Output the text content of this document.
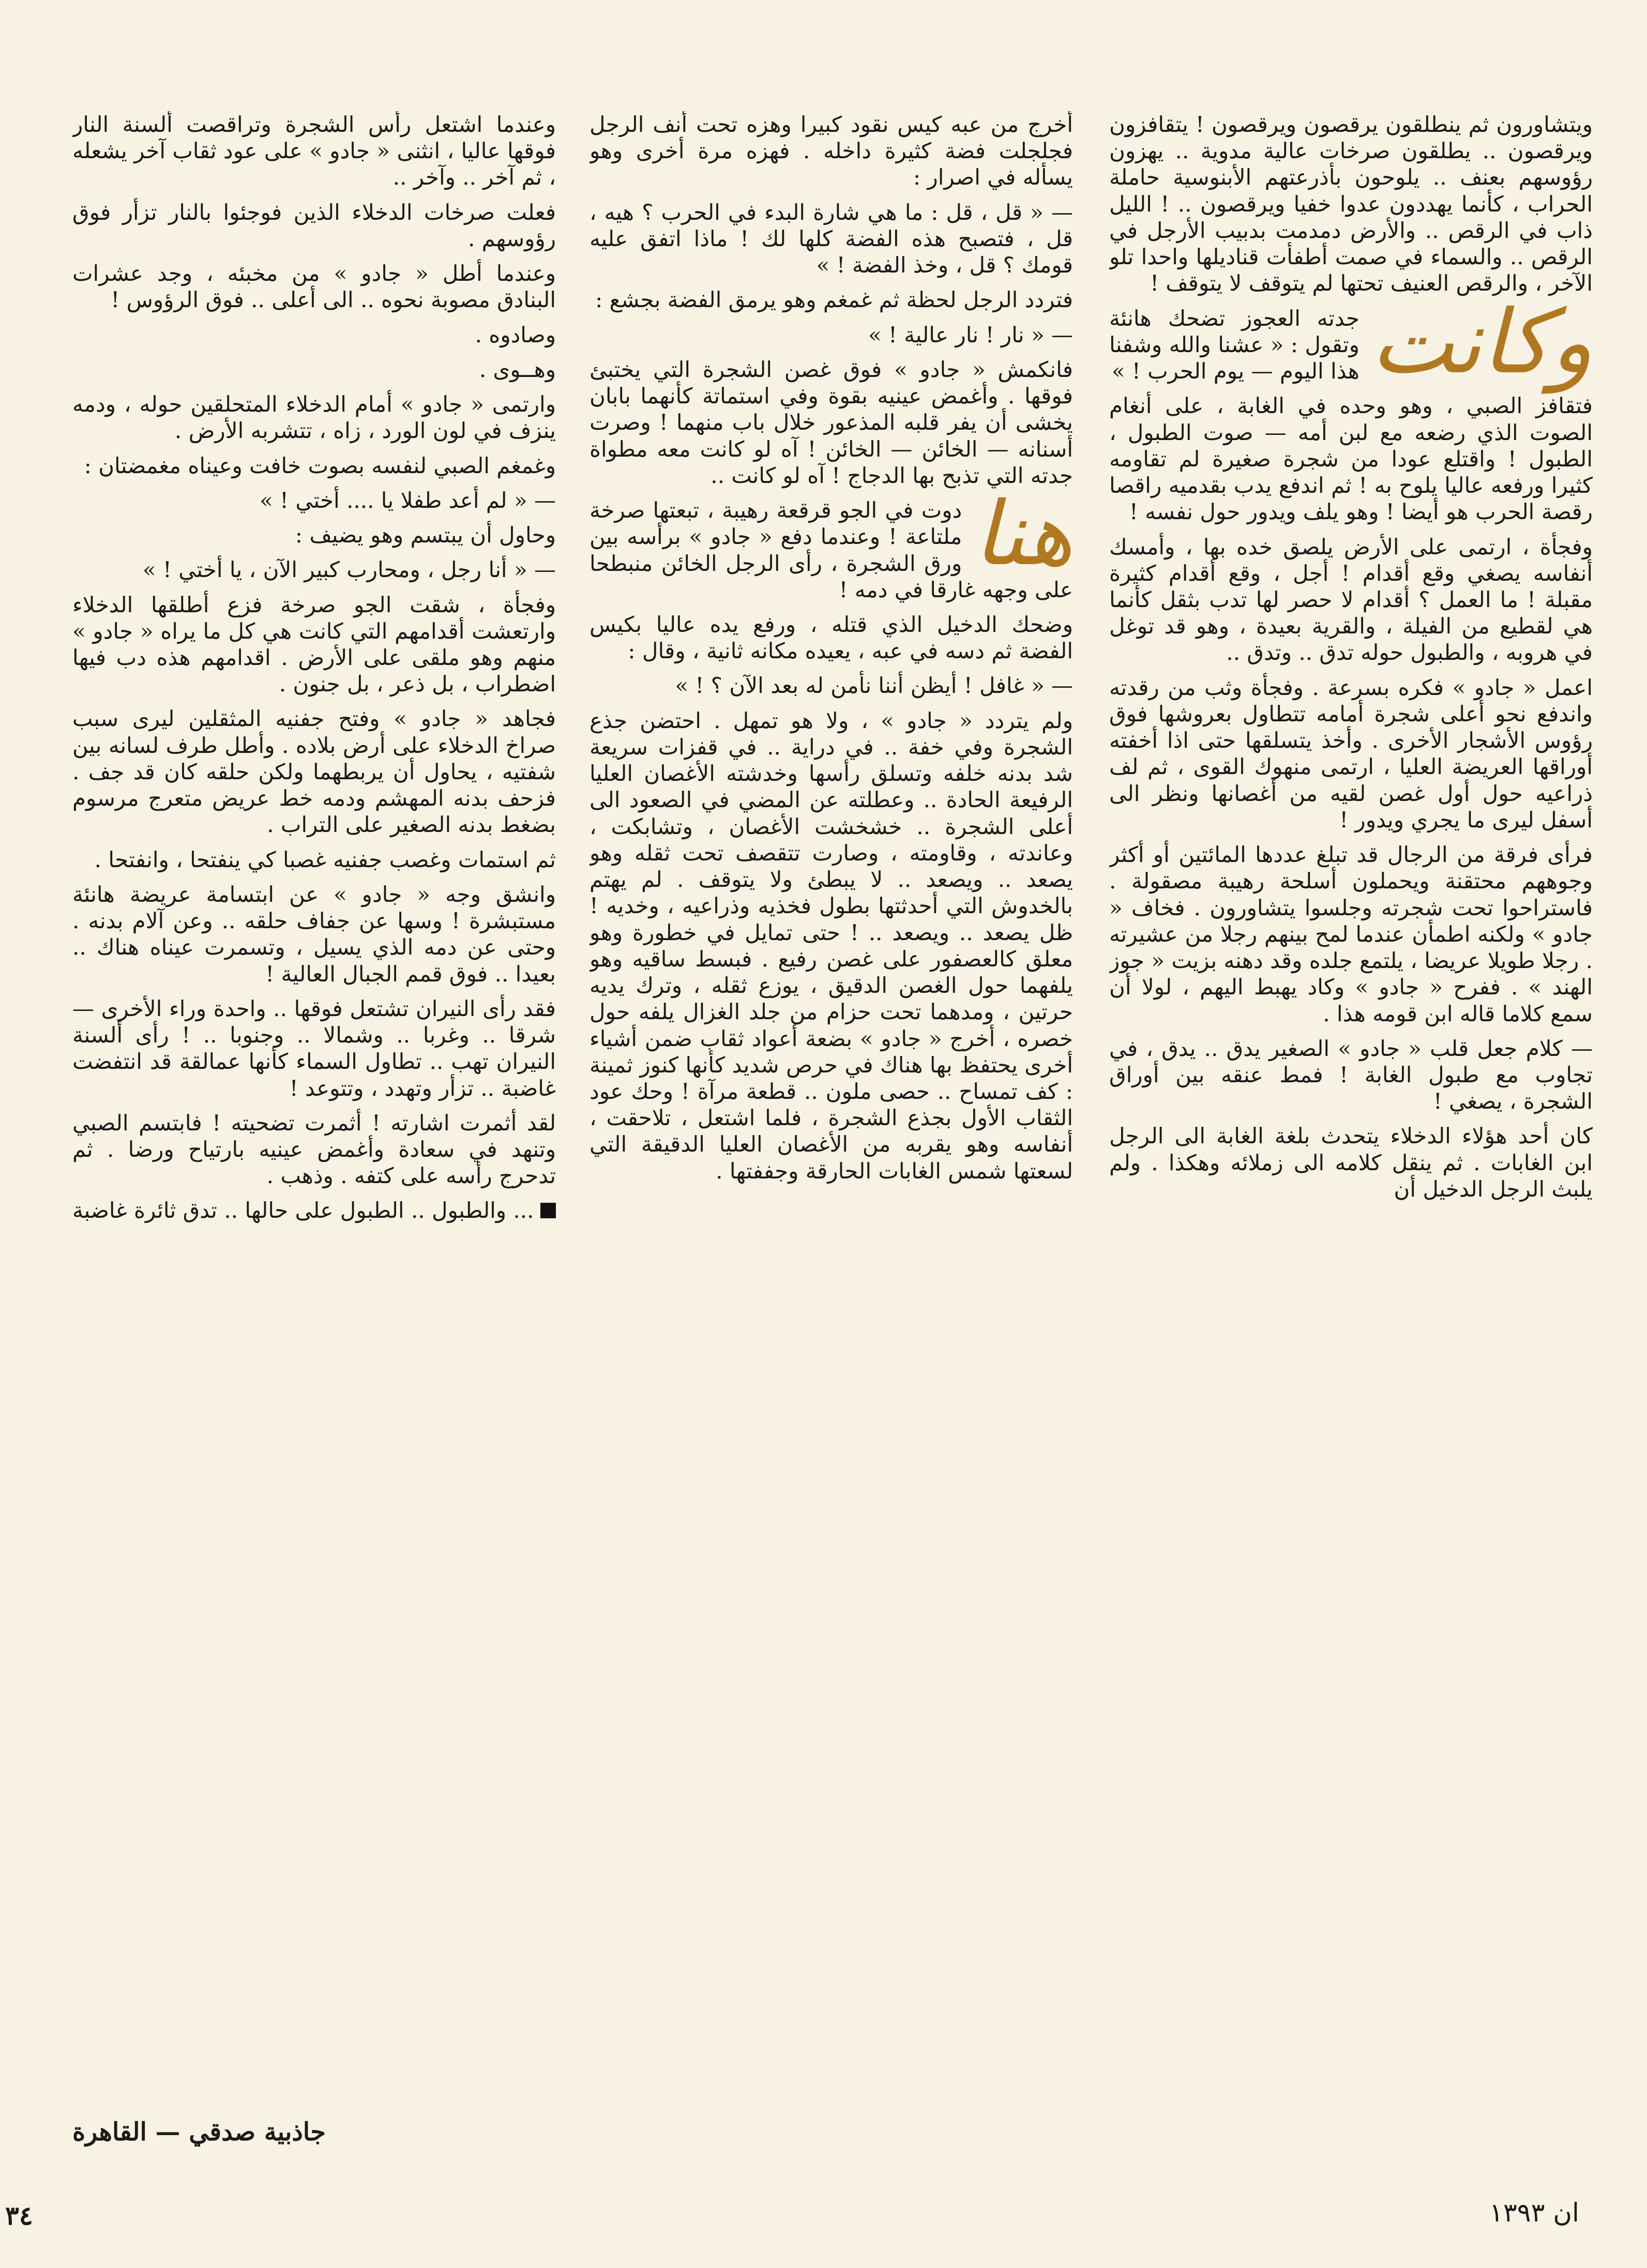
ويتشاورون ثم ينطلقون يرقصون ويرقصون ! يتقافزون ويرقصون .. يطلقون صرخات عالية مدوية .. يهزون رؤوسهم بعنف .. يلوحون بأذرعتهم الأبنوسية حاملة الحراب ، كأنما يهددون عدوا خفيا ويرقصون .. ! الليل ذاب في الرقص .. والأرض دمدمت بدبيب الأرجل في الرقص .. والسماء في صمت أطفأت قناديلها واحدا تلو الآخر ، والرقص العنيف تحتها لم يتوقف لا يتوقف !

وكانت
جدته العجوز تضحك هانئة وتقول : « عشنا والله وشفنا هذا اليوم — يوم الحرب ! »

فتقافز الصبي ، وهو وحده في الغابة ، على أنغام الصوت الذي رضعه مع لبن أمه — صوت الطبول ، الطبول ! واقتلع عودا من شجرة صغيرة لم تقاومه كثيرا ورفعه عاليا يلوح به ! ثم اندفع يدب بقدميه راقصا رقصة الحرب هو أيضا ! وهو يلف ويدور حول نفسه !

وفجأة ، ارتمى على الأرض يلصق خده بها ، وأمسك أنفاسه يصغي وقع أقدام ! أجل ، وقع أقدام كثيرة مقبلة ! ما العمل ؟ أقدام لا حصر لها تدب بثقل كأنما هي لقطيع من الفيلة ، والقرية بعيدة ، وهو قد توغل في هروبه ، والطبول حوله تدق .. وتدق ..

اعمل « جادو » فكره بسرعة . وفجأة وثب من رقدته واندفع نحو أعلى شجرة أمامه تتطاول بعروشها فوق رؤوس الأشجار الأخرى . وأخذ يتسلقها حتى اذا أخفته أوراقها العريضة العليا ، ارتمى منهوك القوى ، ثم لف ذراعيه حول أول غصن لقيه من أغصانها ونظر الى أسفل ليرى ما يجري ويدور !

فرأى فرقة من الرجال قد تبلغ عددها المائتين أو أكثر وجوههم محتقنة ويحملون أسلحة رهيبة مصقولة . فاستراحوا تحت شجرته وجلسوا يتشاورون . فخاف « جادو » ولكنه اطمأن عندما لمح بينهم رجلا من عشيرته . رجلا طويلا عريضا ، يلتمع جلده وقد دهنه بزيت « جوز الهند » . ففرح « جادو » وكاد يهبط اليهم ، لولا أن سمع كلاما قاله ابن قومه هذا .

— كلام جعل قلب « جادو » الصغير يدق .. يدق ، في تجاوب مع طبول الغابة ! فمط عنقه بين أوراق الشجرة ، يصغي !

كان أحد هؤلاء الدخلاء يتحدث بلغة الغابة الى الرجل ابن الغابات . ثم ينقل كلامه الى زملائه وهكذا . ولم يلبث الرجل الدخيل أن

أخرج من عبه كيس نقود كبيرا وهزه تحت أنف الرجل فجلجلت فضة كثيرة داخله . فهزه مرة أخرى وهو يسأله في اصرار :

— « قل ، قل : ما هي شارة البدء في الحرب ؟ هيه ، قل ، فتصبح هذه الفضة كلها لك ! ماذا اتفق عليه قومك ؟ قل ، وخذ الفضة ! »

فتردد الرجل لحظة ثم غمغم وهو يرمق الفضة بجشع :

— « نار ! نار عالية ! »

فانكمش « جادو » فوق غصن الشجرة التي يختبئ فوقها . وأغمض عينيه بقوة وفي استماتة كأنهما بابان يخشى أن يفر قلبه المذعور خلال باب منهما ! وصرت أسنانه — الخائن — الخائن ! آه لو كانت معه مطواة جدته التي تذبح بها الدجاج ! آه لو كانت ..

هنا
دوت في الجو قرقعة رهيبة ، تبعتها صرخة ملتاعة ! وعندما دفع « جادو » برأسه بين ورق الشجرة ، رأى الرجل الخائن منبطحا على وجهه غارقا في دمه !

وضحك الدخيل الذي قتله ، ورفع يده عاليا بكيس الفضة ثم دسه في عبه ، يعيده مكانه ثانية ، وقال :

— « غافل ! أيظن أننا نأمن له بعد الآن ؟ ! »

ولم يتردد « جادو » ، ولا هو تمهل . احتضن جذع الشجرة وفي خفة .. في دراية .. في قفزات سريعة شد بدنه خلفه وتسلق رأسها وخدشته الأغصان العليا الرفيعة الحادة .. وعطلته عن المضي في الصعود الى أعلى الشجرة .. خشخشت الأغصان ، وتشابكت ، وعاندته ، وقاومته ، وصارت تتقصف تحت ثقله وهو يصعد .. ويصعد .. لا يبطئ ولا يتوقف . لم يهتم بالخدوش التي أحدثتها بطول فخذيه وذراعيه ، وخديه ! ظل يصعد .. ويصعد .. ! حتى تمايل في خطورة وهو معلق كالعصفور على غصن رفيع . فبسط ساقيه وهو يلفهما حول الغصن الدقيق ، يوزع ثقله ، وترك يديه حرتين ، ومدهما تحت حزام من جلد الغزال يلفه حول خصره ، أخرج « جادو » بضعة أعواد ثقاب ضمن أشياء أخرى يحتفظ بها هناك في حرص شديد كأنها كنوز ثمينة : كف تمساح .. حصى ملون .. قطعة مرآة ! وحك عود الثقاب الأول بجذع الشجرة ، فلما اشتعل ، تلاحقت ، أنفاسه وهو يقربه من الأغصان العليا الدقيقة التي لسعتها شمس الغابات الحارقة وجففتها .

وعندما اشتعل رأس الشجرة وتراقصت ألسنة النار فوقها عاليا ، انثنى « جادو » على عود ثقاب آخر يشعله ، ثم آخر .. وآخر ..

فعلت صرخات الدخلاء الذين فوجئوا بالنار تزأر فوق رؤوسهم .

وعندما أطل « جادو » من مخبئه ، وجد عشرات البنادق مصوبة نحوه .. الى أعلى .. فوق الرؤوس !

وصادوه .

وهــوى .

وارتمى « جادو » أمام الدخلاء المتحلقين حوله ، ودمه ينزف في لون الورد ، زاه ، تتشربه الأرض .

وغمغم الصبي لنفسه بصوت خافت وعيناه مغمضتان :

— « لم أعد طفلا يا .... أختي ! »

وحاول أن يبتسم وهو يضيف :

— « أنا رجل ، ومحارب كبير الآن ، يا أختي ! »

وفجأة ، شقت الجو صرخة فزع أطلقها الدخلاء وارتعشت أقدامهم التي كانت هي كل ما يراه « جادو » منهم وهو ملقى على الأرض . اقدامهم هذه دب فيها اضطراب ، بل ذعر ، بل جنون .

فجاهد « جادو » وفتح جفنيه المثقلين ليرى سبب صراخ الدخلاء على أرض بلاده . وأطل طرف لسانه بين شفتيه ، يحاول أن يربطهما ولكن حلقه كان قد جف . فزحف بدنه المهشم ودمه خط عريض متعرج مرسوم بضغط بدنه الصغير على التراب .

ثم استمات وغصب جفنيه غصبا كي ينفتحا ، وانفتحا .

وانشق وجه « جادو » عن ابتسامة عريضة هانئة مستبشرة ! وسها عن جفاف حلقه .. وعن آلام بدنه . وحتى عن دمه الذي يسيل ، وتسمرت عيناه هناك .. بعيدا .. فوق قمم الجبال العالية !

فقد رأى النيران تشتعل فوقها .. واحدة وراء الأخرى — شرقا .. وغربا .. وشمالا .. وجنوبا .. ! رأى ألسنة النيران تهب .. تطاول السماء كأنها عمالقة قد انتفضت غاضبة .. تزأر وتهدد ، وتتوعد !

لقد أثمرت اشارته ! أثمرت تضحيته ! فابتسم الصبي وتنهد في سعادة وأغمض عينيه بارتياح ورضا . ثم تدحرج رأسه على كتفه . وذهب .

... والطبول .. الطبول على حالها .. تدق ثائرة غاضبة

جاذبية صدقي — القاهرة
٣٤	ان ١٣٩٣
